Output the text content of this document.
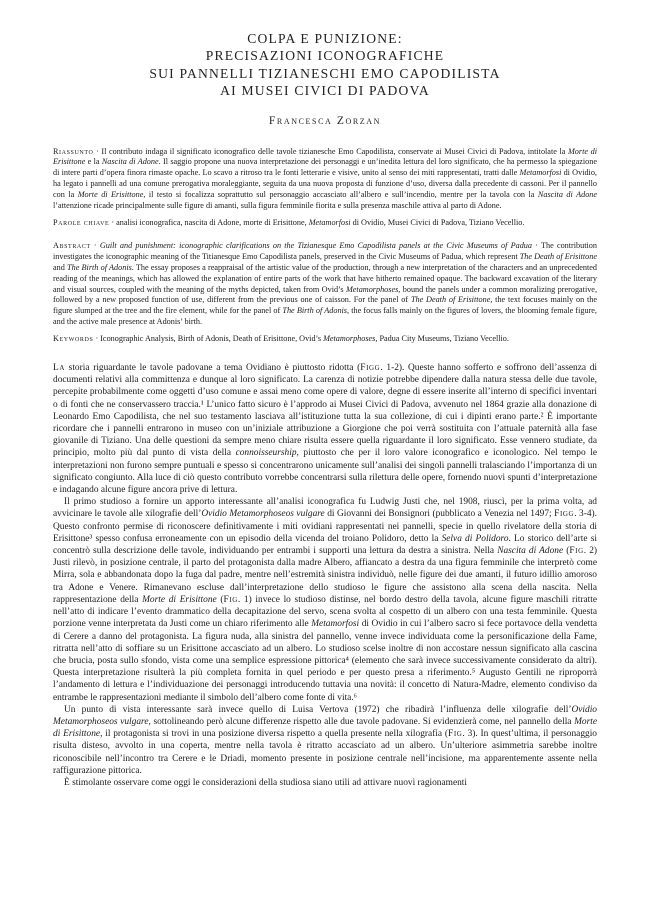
COLPA E PUNIZIONE:
PRECISAZIONI ICONOGRAFICHE
SUI PANNELLI TIZIANESCHI EMO CAPODILISTA
AI MUSEI CIVICI DI PADOVA
Francesca Zorzan

Riassunto · Il contributo indaga il significato iconografico delle tavole tizianesche Emo Capodilista, conservate ai Musei Civici di Padova, intitolate la Morte di Erisittone e la Nascita di Adone. Il saggio propone una nuova interpretazione dei personaggi e un’inedita lettura del loro significato, che ha permesso la spiegazione di intere parti d’opera finora rimaste opache. Lo scavo a ritroso tra le fonti letterarie e visive, unito al senso dei miti rappresentati, tratti dalle Metamorfosi di Ovidio, ha legato i pannelli ad una comune prerogativa moraleggiante, seguita da una nuova proposta di funzione d’uso, diversa dalla precedente di cassoni. Per il pannello con la Morte di Erisittone, il testo si focalizza soprattutto sul personaggio accasciato all’albero e sull’incendio, mentre per la tavola con la Nascita di Adone l’attenzione ricade principalmente sulle figure di amanti, sulla figura femminile fiorita e sulla presenza maschile attiva al parto di Adone.

Parole chiave · analisi iconografica, nascita di Adone, morte di Erisittone, Metamorfosi di Ovidio, Musei Civici di Padova, Tiziano Vecellio.

Abstract · Guilt and punishment: iconographic clarifications on the Tizianesque Emo Capodilista panels at the Civic Museums of Padua · The contribution investigates the iconographic meaning of the Titianesque Emo Capodilista panels, preserved in the Civic Museums of Padua, which represent The Death of Erisittone and The Birth of Adonis. The essay proposes a reappraisal of the artistic value of the production, through a new interpretation of the characters and an unprecedented reading of the meanings, which has allowed the explanation of entire parts of the work that have hitherto remained opaque. The backward excavation of the literary and visual sources, coupled with the meaning of the myths depicted, taken from Ovid’s Metamorphoses, bound the panels under a common moralizing prerogative, followed by a new proposed function of use, different from the previous one of caisson. For the panel of The Death of Erisittone, the text focuses mainly on the figure slumped at the tree and the fire element, while for the panel of The Birth of Adonis, the focus falls mainly on the figures of lovers, the blooming female figure, and the active male presence at Adonis’ birth.

Keywords · Iconographic Analysis, Birth of Adonis, Death of Erisittone, Ovid’s Metamorphoses, Padua City Museums, Tiziano Vecellio.

La storia riguardante le tavole padovane a tema Ovidiano è piuttosto ridotta (Figg. 1-2). Queste hanno sofferto e soffrono dell’assenza di documenti relativi alla committenza e dunque al loro significato. La carenza di notizie potrebbe dipendere dalla natura stessa delle due tavole, percepite probabilmente come oggetti d’uso comune e assai meno come opere di valore, degne di essere inserite all’interno di specifici inventari o di fonti che ne conservassero traccia.¹ L’unico fatto sicuro è l’approdo ai Musei Civici di Padova, avvenuto nel 1864 grazie alla donazione di Leonardo Emo Capodilista, che nel suo testamento lasciava all’istituzione tutta la sua collezione, di cui i dipinti erano parte.² È importante ricordare che i pannelli entrarono in museo con un’iniziale attribuzione a Giorgione che poi verrà sostituita con l’attuale paternità alla fase giovanile di Tiziano. Una delle questioni da sempre meno chiare risulta essere quella riguardante il loro significato. Esse vennero studiate, da principio, molto più dal punto di vista della connoisseurship, piuttosto che per il loro valore iconografico e iconologico. Nel tempo le interpretazioni non furono sempre puntuali e spesso si concentrarono unicamente sull’analisi dei singoli pannelli tralasciando l’importanza di un significato congiunto. Alla luce di ciò questo contributo vorrebbe concentrarsi sulla rilettura delle opere, fornendo nuovi spunti d’interpretazione e indagando alcune figure ancora prive di lettura.

Il primo studioso a fornire un apporto interessante all’analisi iconografica fu Ludwig Justi che, nel 1908, riuscì, per la prima volta, ad avvicinare le tavole alle xilografie dell’Ovidio Metamorphoseos vulgare di Giovanni dei Bonsignori (pubblicato a Venezia nel 1497; Figg. 3-4). Questo confronto permise di riconoscere definitivamente i miti ovidiani rappresentati nei pannelli, specie in quello rivelatore della storia di Erisittone³ spesso confusa erroneamente con un episodio della vicenda del troiano Polidoro, detto la Selva di Polidoro. Lo storico dell’arte si concentrò sulla descrizione delle tavole, individuando per entrambi i supporti una lettura da destra a sinistra. Nella Nascita di Adone (Fig. 2) Justi rilevò, in posizione centrale, il parto del protagonista dalla madre Albero, affiancato a destra da una figura femminile che interpretò come Mirra, sola e abbandonata dopo la fuga dal padre, mentre nell’estremità sinistra individuò, nelle figure dei due amanti, il futuro idillio amoroso tra Adone e Venere. Rimanevano escluse dall’interpretazione dello studioso le figure che assistono alla scena della nascita. Nella rappresentazione della Morte di Erisittone (Fig. 1) invece lo studioso distinse, nel bordo destro della tavola, alcune figure maschili ritratte nell’atto di indicare l’evento drammatico della decapitazione del servo, scena svolta al cospetto di un albero con una testa femminile. Questa porzione venne interpretata da Justi come un chiaro riferimento alle Metamorfosi di Ovidio in cui l’albero sacro si fece portavoce della vendetta di Cerere a danno del protagonista. La figura nuda, alla sinistra del pannello, venne invece individuata come la personificazione della Fame, ritratta nell’atto di soffiare su un Erisittone accasciato ad un albero. Lo studioso scelse inoltre di non accostare nessun significato alla cascina che brucia, posta sullo sfondo, vista come una semplice espressione pittorica⁴ (elemento che sarà invece successivamente considerato da altri). Questa interpretazione risulterà la più completa fornita in quel periodo e per questo presa a riferimento.⁵ Augusto Gentili ne riproporrà l’andamento di lettura e l’individuazione dei personaggi introducendo tuttavia una novità: il concetto di Natura-Madre, elemento condiviso da entrambe le rappresentazioni mediante il simbolo dell’albero come fonte di vita.⁶

Un punto di vista interessante sarà invece quello di Luisa Vertova (1972) che ribadirà l’influenza delle xilografie dell’Ovidio Metamorphoseos vulgare, sottolineando però alcune differenze rispetto alle due tavole padovane. Si evidenzierà come, nel pannello della Morte di Erisittone, il protagonista si trovi in una posizione diversa rispetto a quella presente nella xilografia (Fig. 3). In quest’ultima, il personaggio risulta disteso, avvolto in una coperta, mentre nella tavola è ritratto accasciato ad un albero. Un’ulteriore asimmetria sarebbe inoltre riconoscibile nell’incontro tra Cerere e le Driadi, momento presente in posizione centrale nell’incisione, ma apparentemente assente nella raffigurazione pittorica.

È stimolante osservare come oggi le considerazioni della studiosa siano utili ad attivare nuovi ragionamenti
